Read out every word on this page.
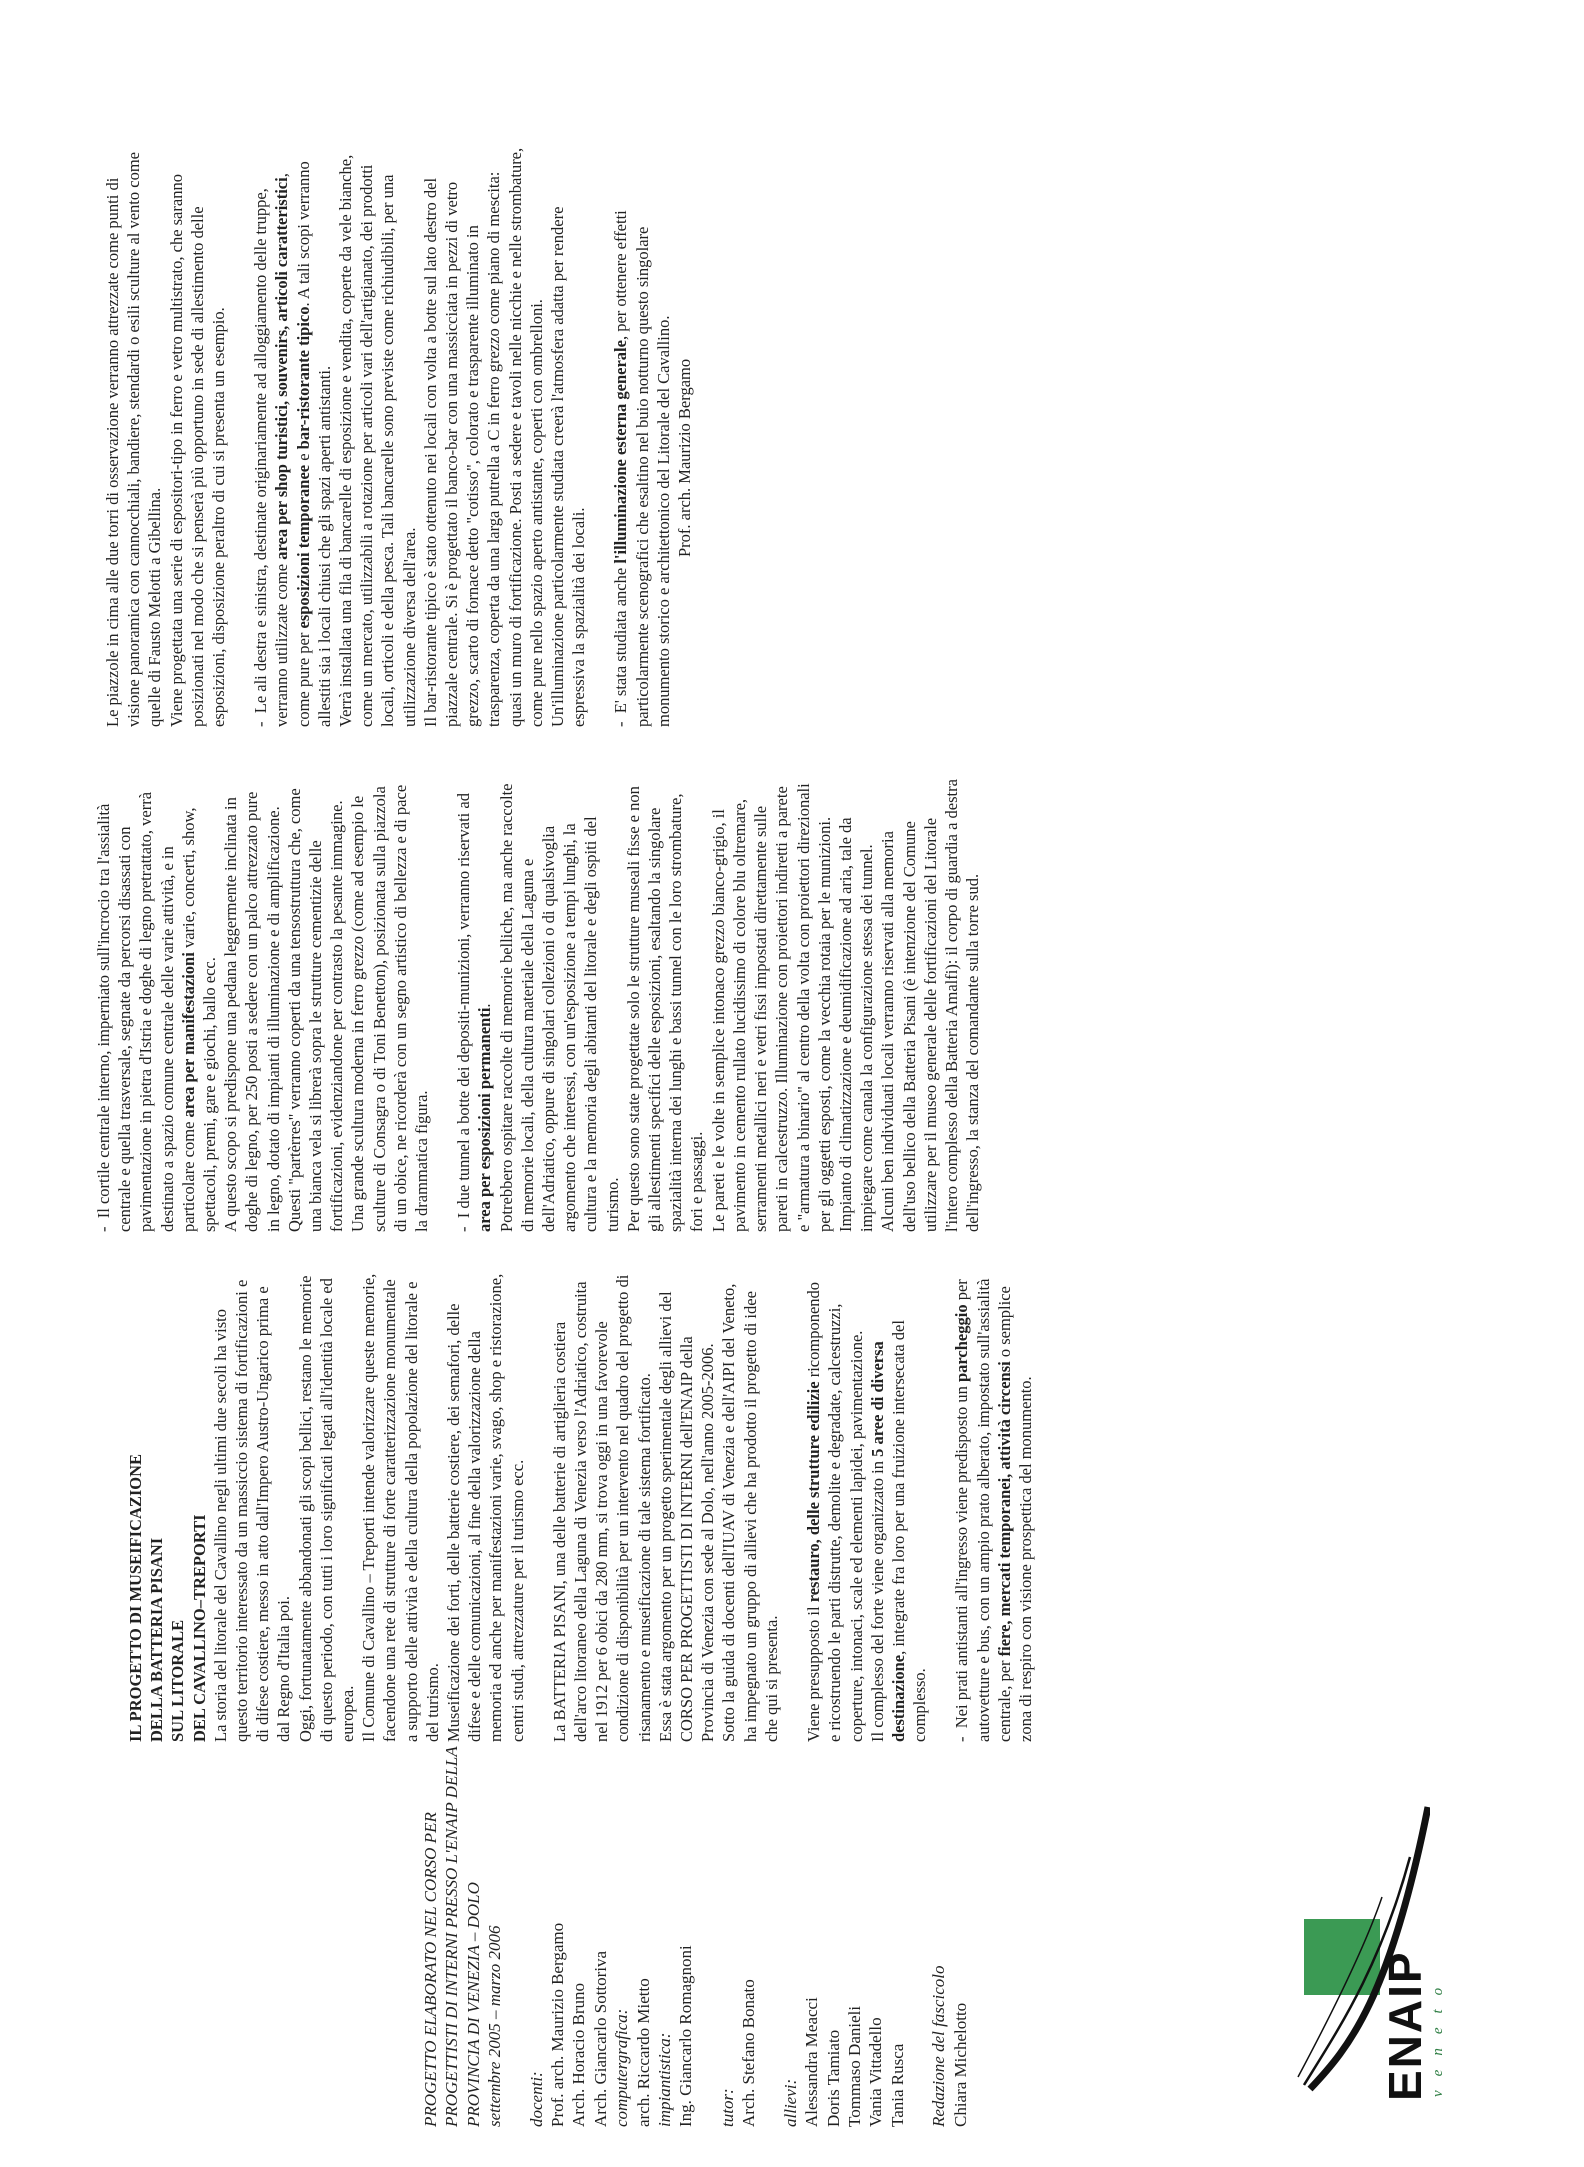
ENAIP veneto

PROGETTO ELABORATO NEL CORSO PER PROGETTISTI DI INTERNI PRESSO L'ENAIP DELLA PROVINCIA DI VENEZIA – DOLO settembre 2005 – marzo 2006 docenti: Prof. arch. Maurizio Bergamo Arch. Horacio Bruno Arch. Giancarlo Sottoriva computergrafica: arch. Riccardo Mietto impiantistica: Ing. Giancarlo Romagnoni tutor: Arch. Stefano Bonato allievi: Alessandra Meacci Doris Tamiato Tommaso Danieli Vania Vittadello Tania Rusca Redazione del fascicolo Chiara Michelotto

IL PROGETTO DI MUSEIFICAZIONE DELLA BATTERIA PISANI SUL LITORALE DEL CAVALLINO–TREPORTI La storia del litorale del Cavallino negli ultimi due secoli ha visto questo territorio interessato da un massiccio sistema di fortificazioni e di difese costiere, messo in atto dall'Impero Austro-Ungarico prima e dal Regno d'Italia poi. Oggi, fortunatamente abbandonati gli scopi bellici, restano le memorie di questo periodo, con tutti i loro significati legati all'identità locale ed europea. Il Comune di Cavallino – Treporti intende valorizzare queste memorie, facendone una rete di strutture di forte caratterizzazione monumentale a supporto delle attività e della cultura della popolazione del litorale e del turismo. Museificazione dei forti, delle batterie costiere, dei semafori, delle difese e delle comunicazioni, al fine della valorizzazione della memoria ed anche per manifestazioni varie, svago, shop e ristorazione, centri studi, attrezzature per il turismo ecc. La BATTERIA PISANI, una delle batterie di artiglieria costiera dell'arco litoraneo della Laguna di Venezia verso l'Adriatico, costruita nel 1912 per 6 obici da 280 mm, si trova oggi in una favorevole condizione di disponibilità per un intervento nel quadro del progetto di risanamento e museificazione di tale sistema fortificato. Essa è stata argomento per un progetto sperimentale degli allievi del CORSO PER PROGETTISTI DI INTERNI dell'ENAIP della Provincia di Venezia con sede al Dolo, nell'anno 2005-2006. Sotto la guida di docenti dell'IUAV di Venezia e dell'AIPI del Veneto, ha impegnato un gruppo di allievi che ha prodotto il progetto di idee che qui si presenta. Viene presupposto il restauro, delle strutture edilizie ricomponendo e ricostruendo le parti distrutte, demolite e degradate, calcestruzzi, coperture, intonaci, scale ed elementi lapidei, pavimentazione. Il complesso del forte viene organizzato in 5 aree di diversa destinazione, integrate fra loro per una fruizione intersecata del complesso. -  Nei prati antistanti all'ingresso viene predisposto un parcheggio per autovetture e bus, con un ampio prato alberato, impostato sull'assialità centrale, per fiere, mercati temporanei, attività circensi o semplice zona di respiro con visione prospettica del monumento.

-  Il cortile centrale interno, imperniato sull'incrocio tra l'assialità centrale e quella trasversale, segnate da percorsi disassati con pavimentazione in pietra d'Istria e doghe di legno pretrattato, verrà destinato a spazio comune centrale delle varie attività, e in particolare come area per manifestazioni varie, concerti, show, spettacoli, premi, gare e giochi, ballo ecc. A questo scopo si predispone una pedana leggermente inclinata in doghe di legno, per 250 posti a sedere con un palco attrezzato pure in legno, dotato di impianti di illuminazione e di amplificazione. Questi "partèrres" verranno coperti da una tensostruttura che, come una bianca vela si librerà sopra le strutture cementizie delle fortificazioni, evidenziandone per contrasto la pesante immagine. Una grande scultura moderna in ferro grezzo (come ad esempio le sculture di Consagra o di Toni Benetton), posizionata sulla piazzola di un obice, ne ricorderà con un segno artistico di bellezza e di pace la drammatica figura. -  I due tunnel a botte dei depositi-munizioni, verranno riservati ad area per esposizioni permanenti. Potrebbero ospitare raccolte di memorie belliche, ma anche raccolte di memorie locali, della cultura materiale della Laguna e dell'Adriatico, oppure di singolari collezioni o di qualsivoglia argomento che interessi, con un'esposizione a tempi lunghi, la cultura e la memoria degli abitanti del litorale e degli ospiti del turismo. Per questo sono state progettate solo le strutture museali fisse e non gli allestimenti specifici delle esposizioni, esaltando la singolare spazialità interna dei lunghi e bassi tunnel con le loro strombature, fori e passaggi. Le pareti e le volte in semplice intonaco grezzo bianco-grigio, il pavimento in cemento rullato lucidissimo di colore blu oltremare, serramenti metallici neri e vetri fissi impostati direttamente sulle pareti in calcestruzzo. Illuminazione con proiettori indiretti a parete e "armatura a binario" al centro della volta con proiettori direzionali per gli oggetti esposti, come la vecchia rotaia per le munizioni. Impianto di climatizzazione e deumidificazione ad aria, tale da impiegare come canala la configurazione stessa dei tunnel. Alcuni ben individuati locali verranno riservati alla memoria dell'uso bellico della Batteria Pisani (è intenzione del Comune utilizzare per il museo generale delle fortificazioni del Litorale l'intero complesso della Batteria Amalfi): il corpo di guardia a destra dell'ingresso, la stanza del comandante sulla torre sud.

Le piazzole in cima alle due torri di osservazione verranno attrezzate come punti di visione panoramica con cannocchiali, bandiere, stendardi o esili sculture al vento come quelle di Fausto Melotti a Gibellina. Viene progettata una serie di espositori-tipo in ferro e vetro multistrato, che saranno posizionati nel modo che si penserà più opportuno in sede di allestimento delle esposizioni, disposizione peraltro di cui si presenta un esempio. -  Le ali destra e sinistra, destinate originariamente ad alloggiamento delle truppe, verranno utilizzate come area per shop turistici, souvenirs, articoli caratteristici, come pure per esposizioni temporanee e bar-ristorante tipico. A tali scopi verranno allestiti sia i locali chiusi che gli spazi aperti antistanti. Verrà installata una fila di bancarelle di esposizione e vendita, coperte da vele bianche, come un mercato, utilizzabili a rotazione per articoli vari dell'artigianato, dei prodotti locali, orticoli e della pesca. Tali bancarelle sono previste come richiudibili, per una utilizzazione diversa dell'area. Il bar-ristorante tipico è stato ottenuto nei locali con volta a botte sul lato destro del piazzale centrale. Si è progettato il banco-bar con una massicciata in pezzi di vetro grezzo, scarto di fornace detto "cotisso", colorato e trasparente illuminato in trasparenza, coperta da una larga putrella a C in ferro grezzo come piano di mescita: quasi un muro di fortificazione. Posti a sedere e tavoli nelle nicchie e nelle strombature, come pure nello spazio aperto antistante, coperti con ombrelloni. Un'illuminazione particolarmente studiata creerà l'atmosfera adatta per rendere espressiva la spazialità dei locali. -  E' stata studiata anche l'illuminazione esterna generale, per ottenere effetti particolarmente scenografici che esaltino nel buio notturno questo singolare monumento storico e architettonico del Litorale del Cavallino. Prof. arch. Maurizio Bergamo
